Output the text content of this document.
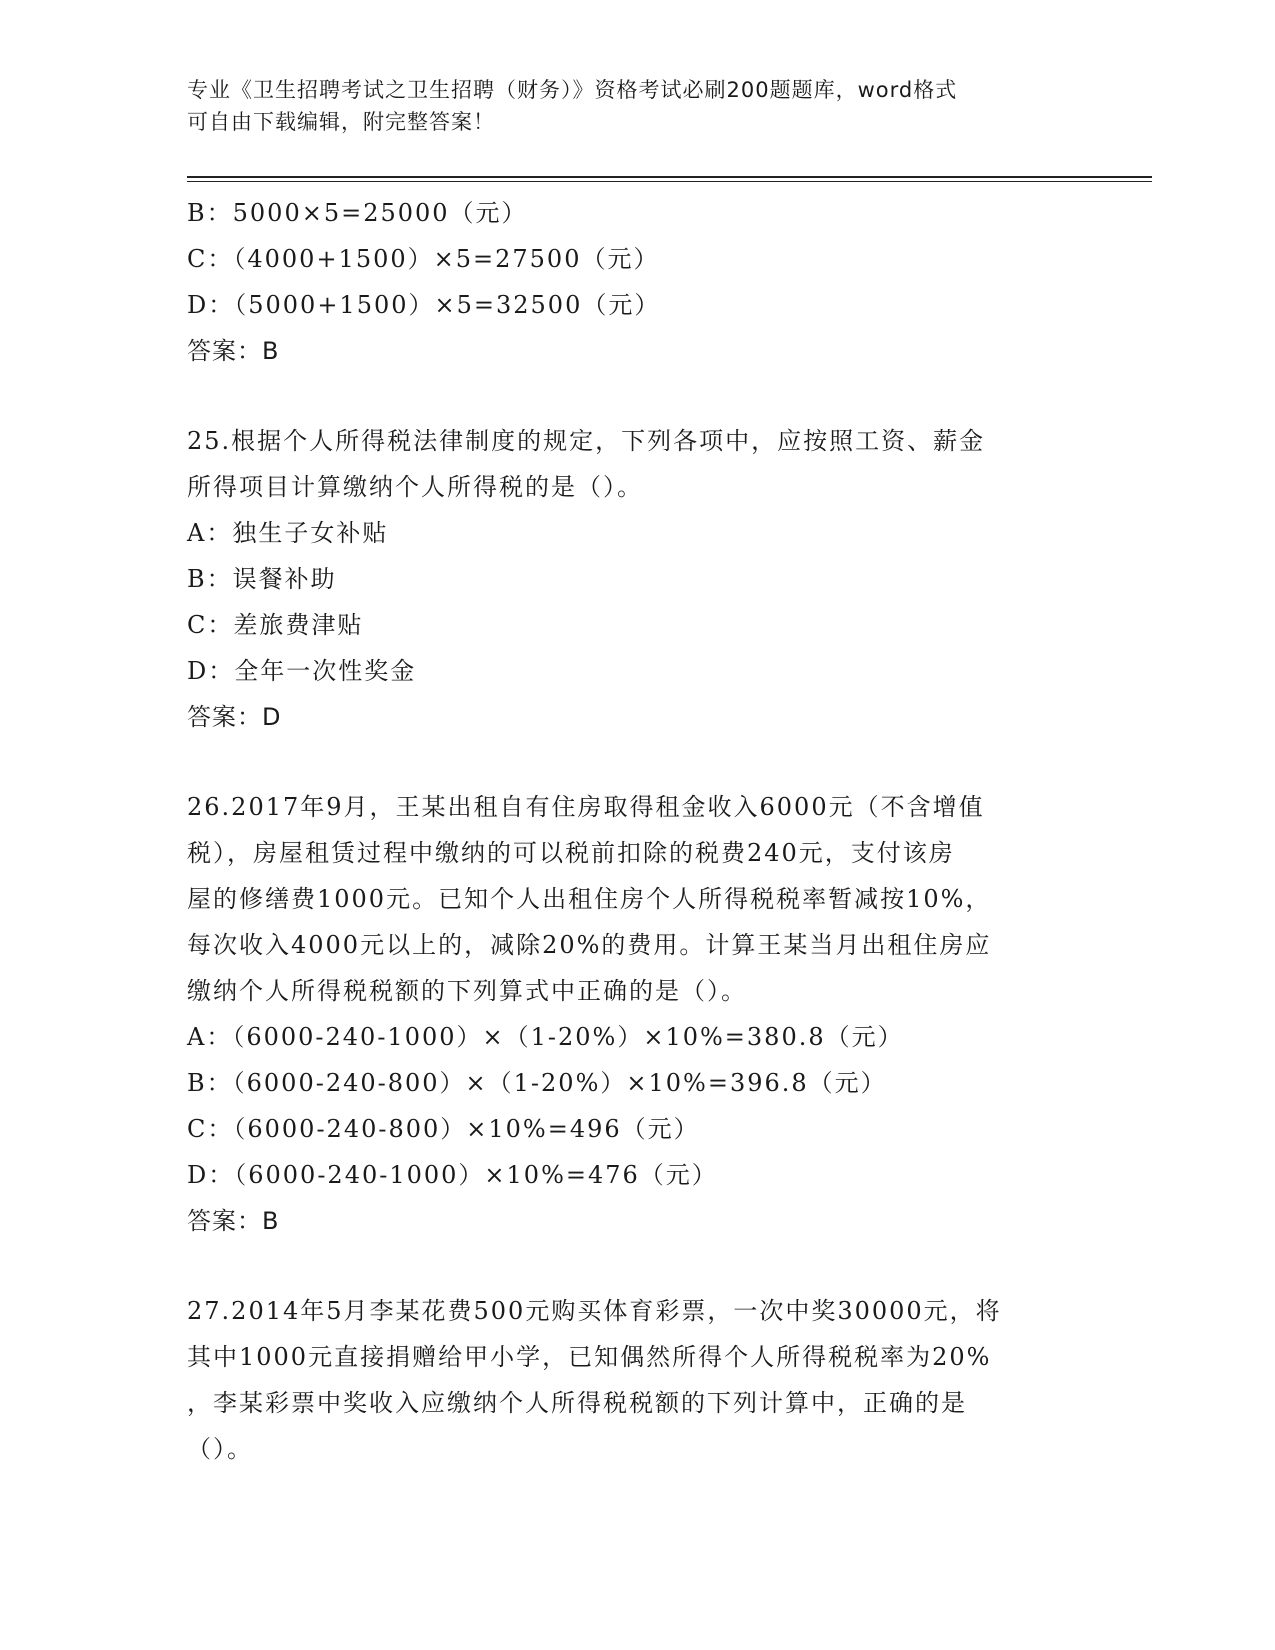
专业《卫生招聘考试之卫生招聘（财务）》资格考试必刷200题题库，word格式
可自由下载编辑，附完整答案！
B：5000×5=25000（元）
C：（4000+1500）×5=27500（元）
D：（5000+1500）×5=32500（元）
答案：B
25.根据个人所得税法律制度的规定，下列各项中，应按照工资、薪金
所得项目计算缴纳个人所得税的是（）。
A：独生子女补贴
B：误餐补助
C：差旅费津贴
D：全年一次性奖金
答案：D
26.2017年9月，王某出租自有住房取得租金收入6000元（不含增值
税），房屋租赁过程中缴纳的可以税前扣除的税费240元，支付该房
屋的修缮费1000元。已知个人出租住房个人所得税税率暂减按10%，
每次收入4000元以上的，减除20%的费用。计算王某当月出租住房应
缴纳个人所得税税额的下列算式中正确的是（）。
A：（6000-240-1000）×（1-20%）×10%=380.8（元）
B：（6000-240-800）×（1-20%）×10%=396.8（元）
C：（6000-240-800）×10%=496（元）
D：（6000-240-1000）×10%=476（元）
答案：B
27.2014年5月李某花费500元购买体育彩票，一次中奖30000元，将
其中1000元直接捐赠给甲小学，已知偶然所得个人所得税税率为20%
，李某彩票中奖收入应缴纳个人所得税税额的下列计算中，正确的是
（）。
